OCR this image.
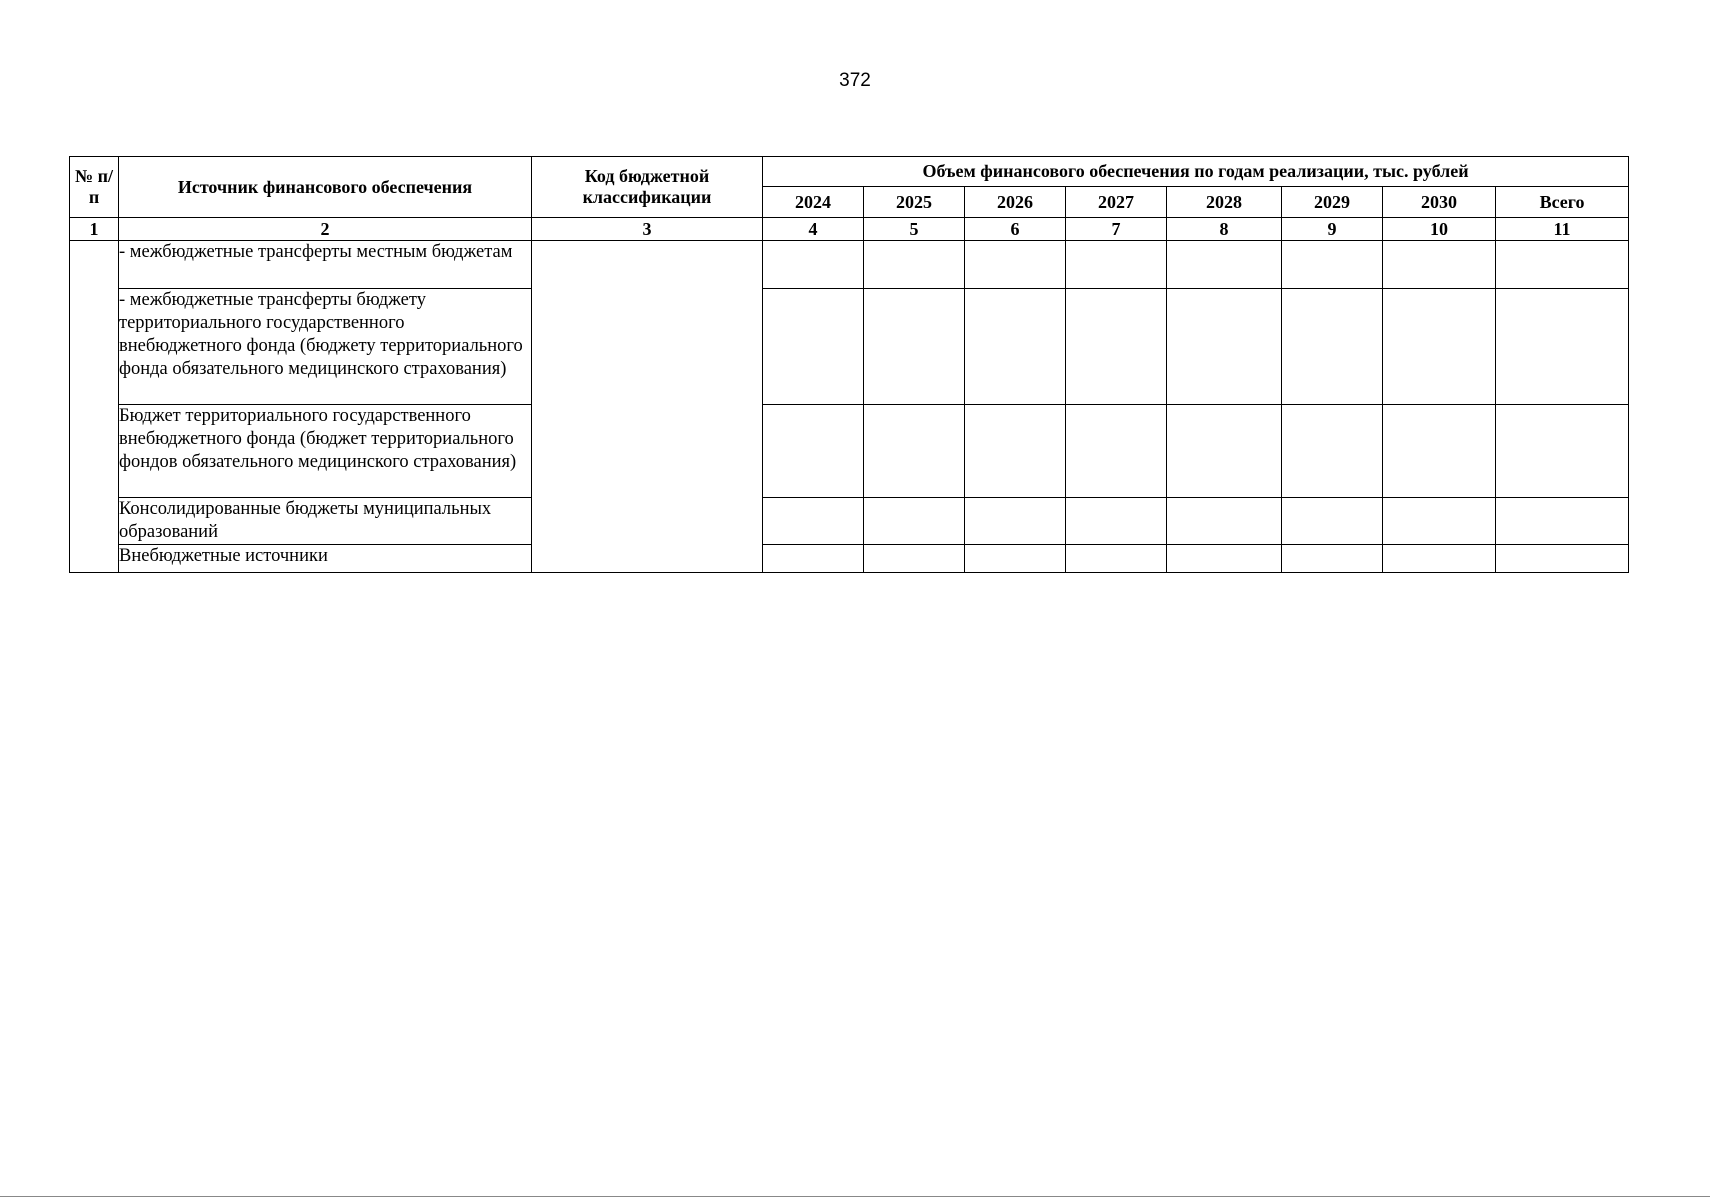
372
№ п/п	Источник финансового обеспечения	Код бюджетной классификации	Объем финансового обеспечения по годам реализации, тыс. рублей							
			2024	2025	2026	2027	2028	2029	2030	Всего
1	2	3	4	5	6	7	8	9	10	11
	- межбюджетные трансферты местным бюджетам									
	- межбюджетные трансферты бюджету территориального государственного внебюджетного фонда (бюджету территориального фонда обязательного медицинского страхования)									
	Бюджет территориального государственного внебюджетного фонда (бюджет территориального фондов обязательного медицинского страхования)									
	Консолидированные бюджеты муниципальных образований									
	Внебюджетные источники									
